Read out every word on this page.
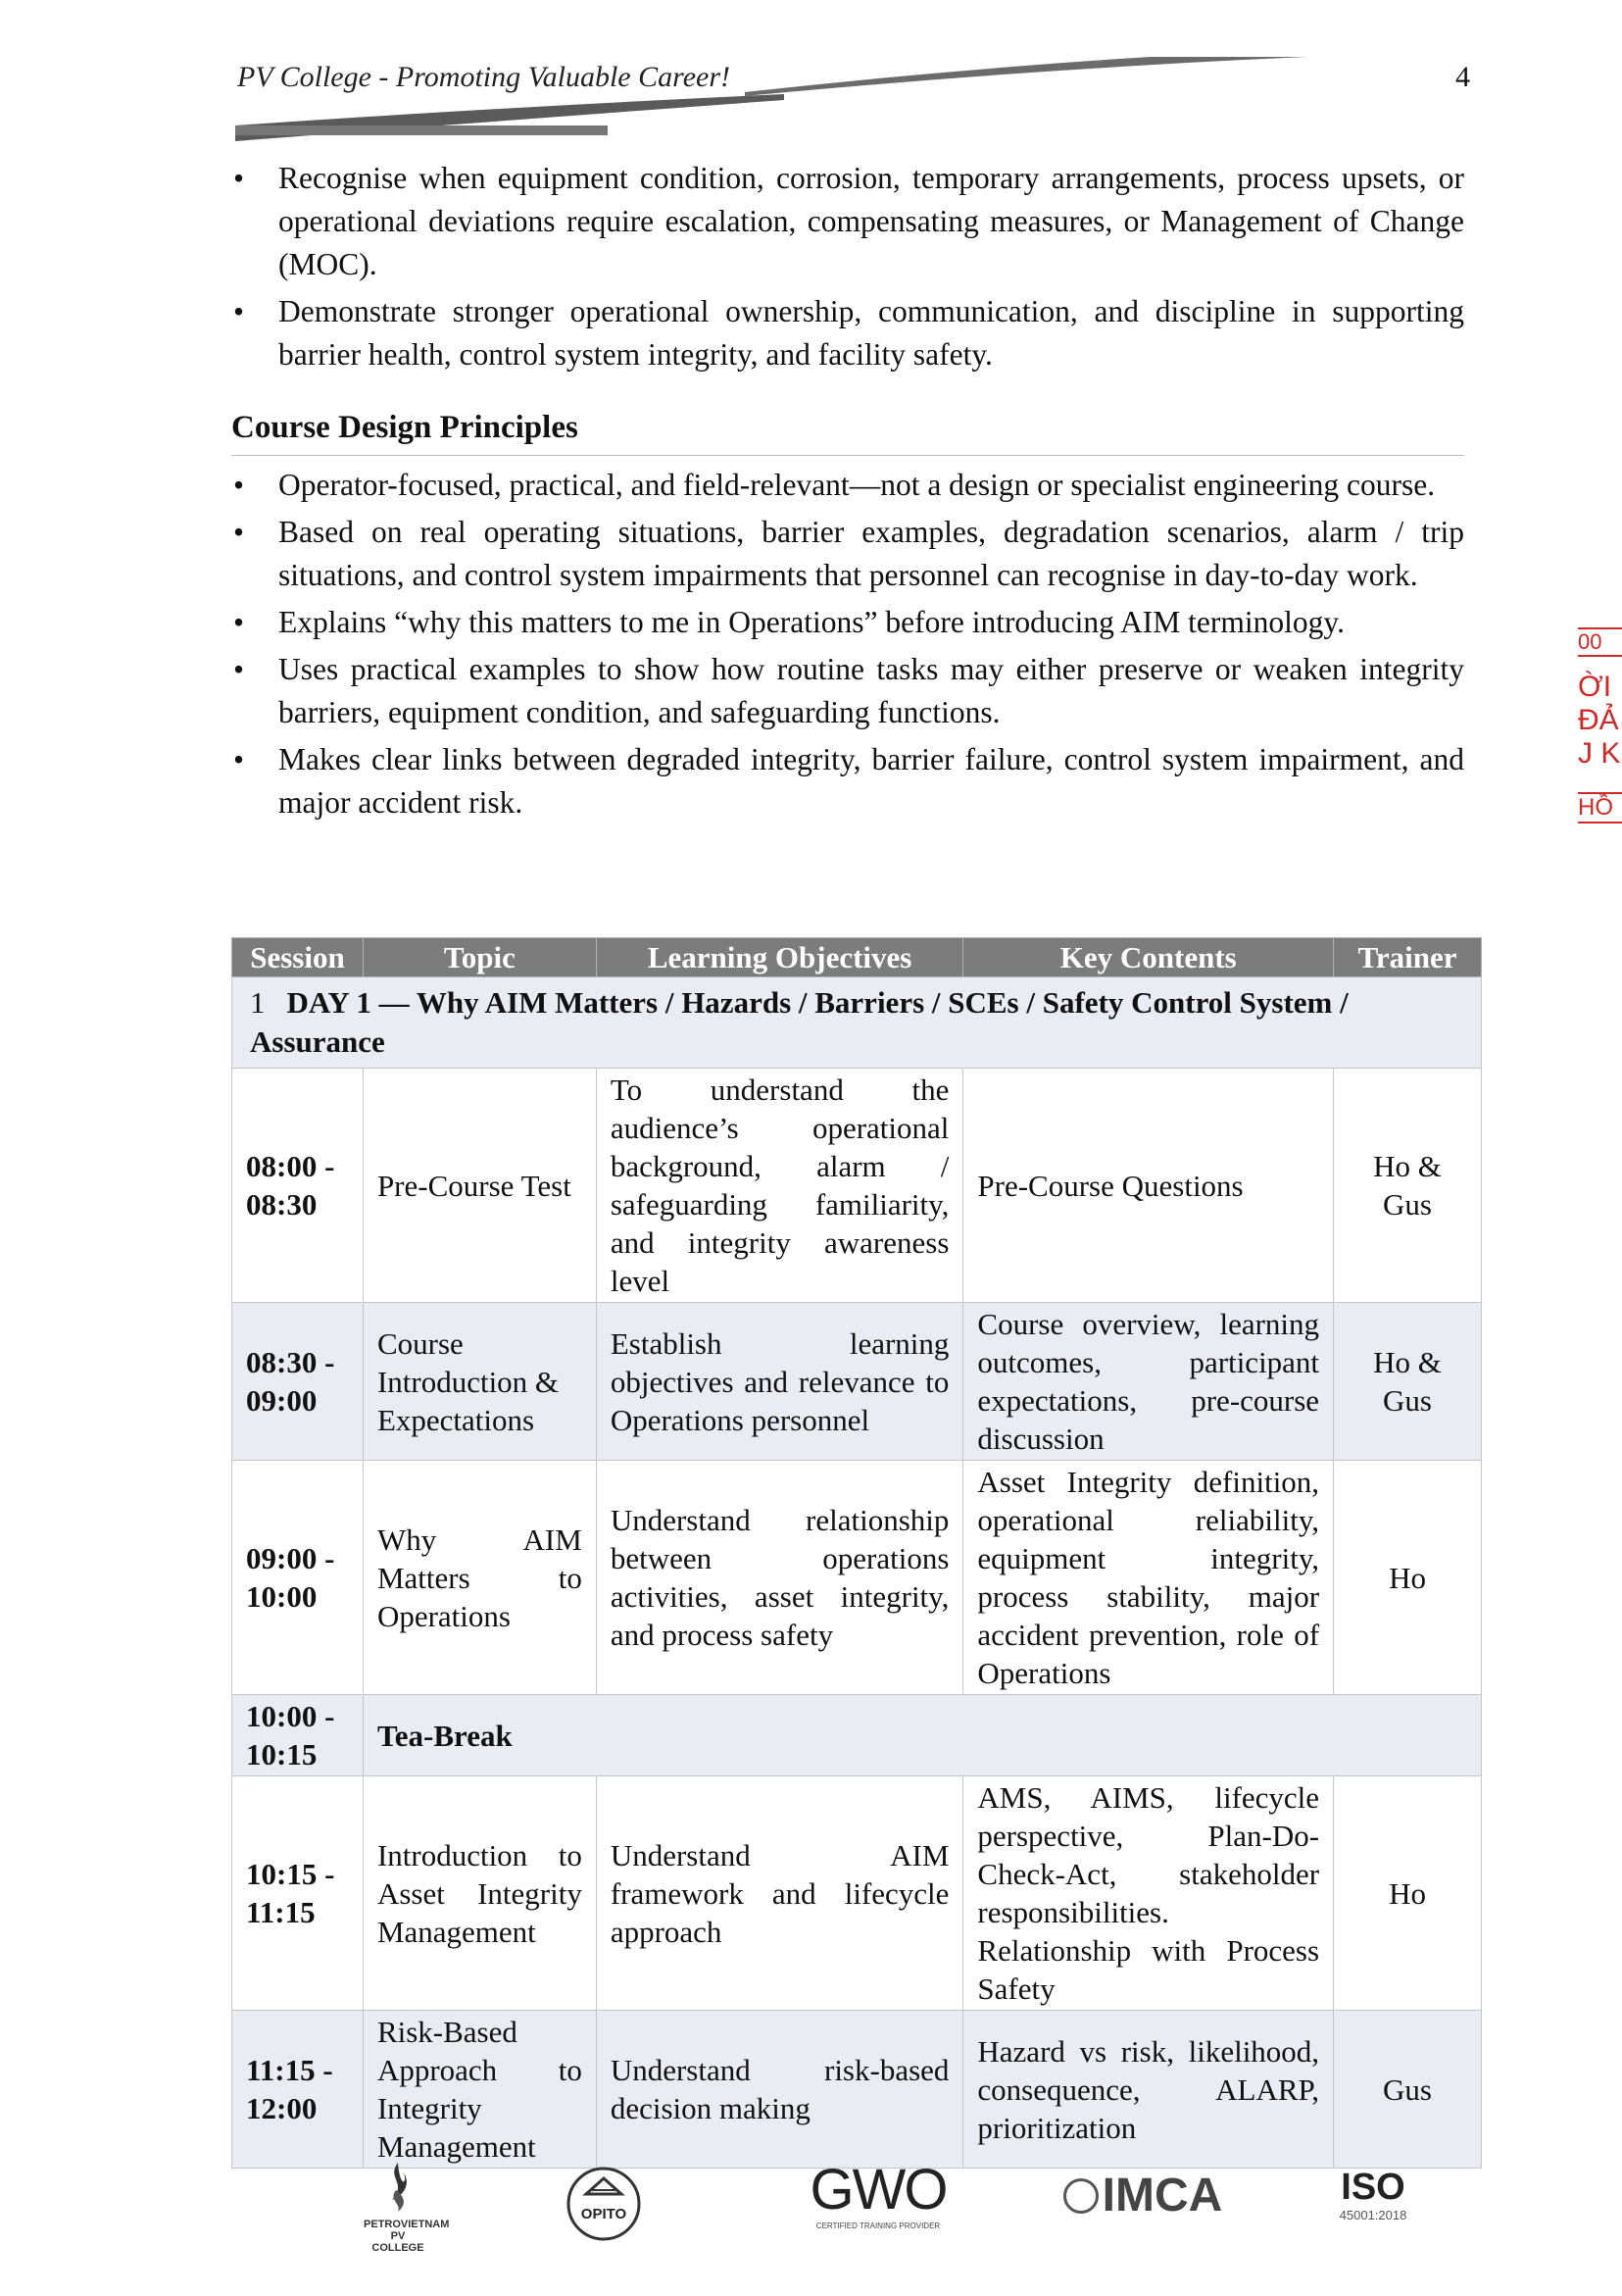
PV College - Promoting Valuable Career!	4
• Recognise when equipment condition, corrosion, temporary arrangements, process upsets, or operational deviations require escalation, compensating measures, or Management of Change (MOC).
• Demonstrate stronger operational ownership, communication, and discipline in supporting barrier health, control system integrity, and facility safety.
Course Design Principles
• Operator-focused, practical, and field-relevant—not a design or specialist engineering course.
• Based on real operating situations, barrier examples, degradation scenarios, alarm / trip situations, and control system impairments that personnel can recognise in day-to-day work.
• Explains “why this matters to me in Operations” before introducing AIM terminology.
• Uses practical examples to show how routine tasks may either preserve or weaken integrity barriers, equipment condition, and safeguarding functions.
• Makes clear links between degraded integrity, barrier failure, control system impairment, and major accident risk.
Session	Topic	Learning Objectives	Key Contents	Trainer
1 DAY 1 — Why AIM Matters / Hazards / Barriers / SCEs / Safety Control System / Assurance				
08:00 - 08:30	Pre-Course Test	To understand the audience’s operational background, alarm / safeguarding familiarity, and integrity awareness level	Pre-Course Questions	Ho & Gus
08:30 - 09:00	Course Introduction & Expectations	Establish learning objectives and relevance to Operations personnel	Course overview, learning outcomes, participant expectations, pre-course discussion	Ho & Gus
09:00 - 10:00	Why AIM Matters to Operations	Understand relationship between operations activities, asset integrity, and process safety	Asset Integrity definition, operational reliability, equipment integrity, process stability, major accident prevention, role of Operations	Ho
10:00 - 10:15	Tea-Break			
10:15 - 11:15	Introduction to Asset Integrity Management	Understand AIM framework and lifecycle approach	AMS, AIMS, lifecycle perspective, Plan-Do-Check-Act, stakeholder responsibilities. Relationship with Process Safety	Ho
11:15 - 12:00	Risk-Based Approach to Integrity Management	Understand risk-based decision making	Hazard vs risk, likelihood, consequence, ALARP, prioritization	Gus
PETROVIETNAM PV COLLEGE
OPITO	GWO
CERTIFIED TRAINING PROVIDER
IMCA	ISO
45001:2018
00
ỜI
ĐẢ
J K
HỒ
